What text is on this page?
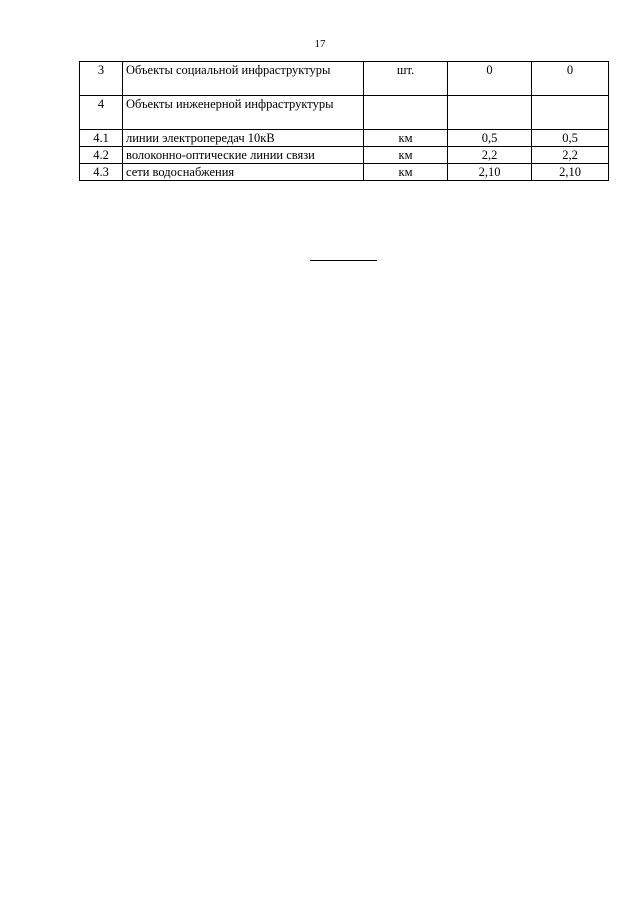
17
3	Объекты социальной инфраструктуры	шт.	0	0
4	Объекты инженерной инфраструктуры			
4.1	линии электропередач 10кВ	км	0,5	0,5
4.2	волоконно-оптические линии связи	км	2,2	2,2
4.3	сети водоснабжения	км	2,10	2,10
